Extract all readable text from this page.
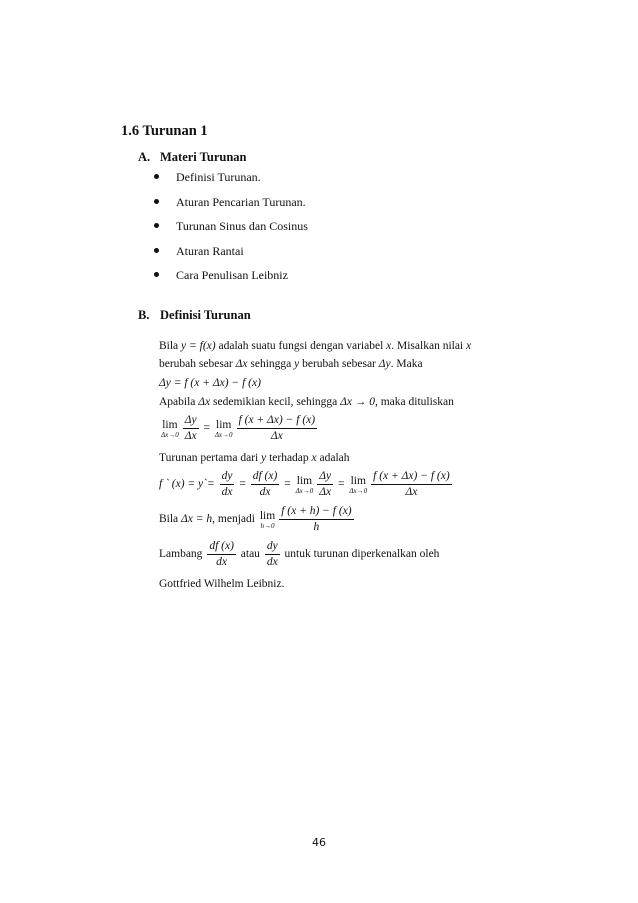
1.6 Turunan 1
A. Materi Turunan
Definisi Turunan.
Aturan Pencarian Turunan.
Turunan Sinus dan Cosinus
Aturan Rantai
Cara Penulisan Leibniz
B. Definisi Turunan
Bila y = f(x) adalah suatu fungsi dengan variabel x. Misalkan nilai x
berubah sebesar Δx sehingga y berubah sebesar Δy. Maka
Δy = f (x + Δx) − f (x)
Apabila Δx sedemikian kecil, sehingga Δx → 0, maka dituliskan
lim
$\Delta x\to 0 \frac{\Delta y}{\Delta x} = \lim$
$\Delta x\to 0 \frac{f (x + \Delta x) - f (x)}{\Delta x}$
Turunan pertama dari y terhadap x adalah
f ` (x) = y`= $\frac{dy}{dx} = \frac{df (x)}{dx} = \lim$
$\Delta x\to 0 \frac{\Delta y}{\Delta x} = \lim$
$\Delta x\to 0 \frac{f (x + \Delta x) - f (x)}{\Delta x}$
Bila Δx = h, menjadi lim
$h\to 0 \frac{f (x + h) - f (x)}{h}$
Lambang $\frac{df (x)}{dx}$ atau $\frac{dy}{dx}$ untuk turunan diperkenalkan oleh
Gottfried Wilhelm Leibniz.
46
